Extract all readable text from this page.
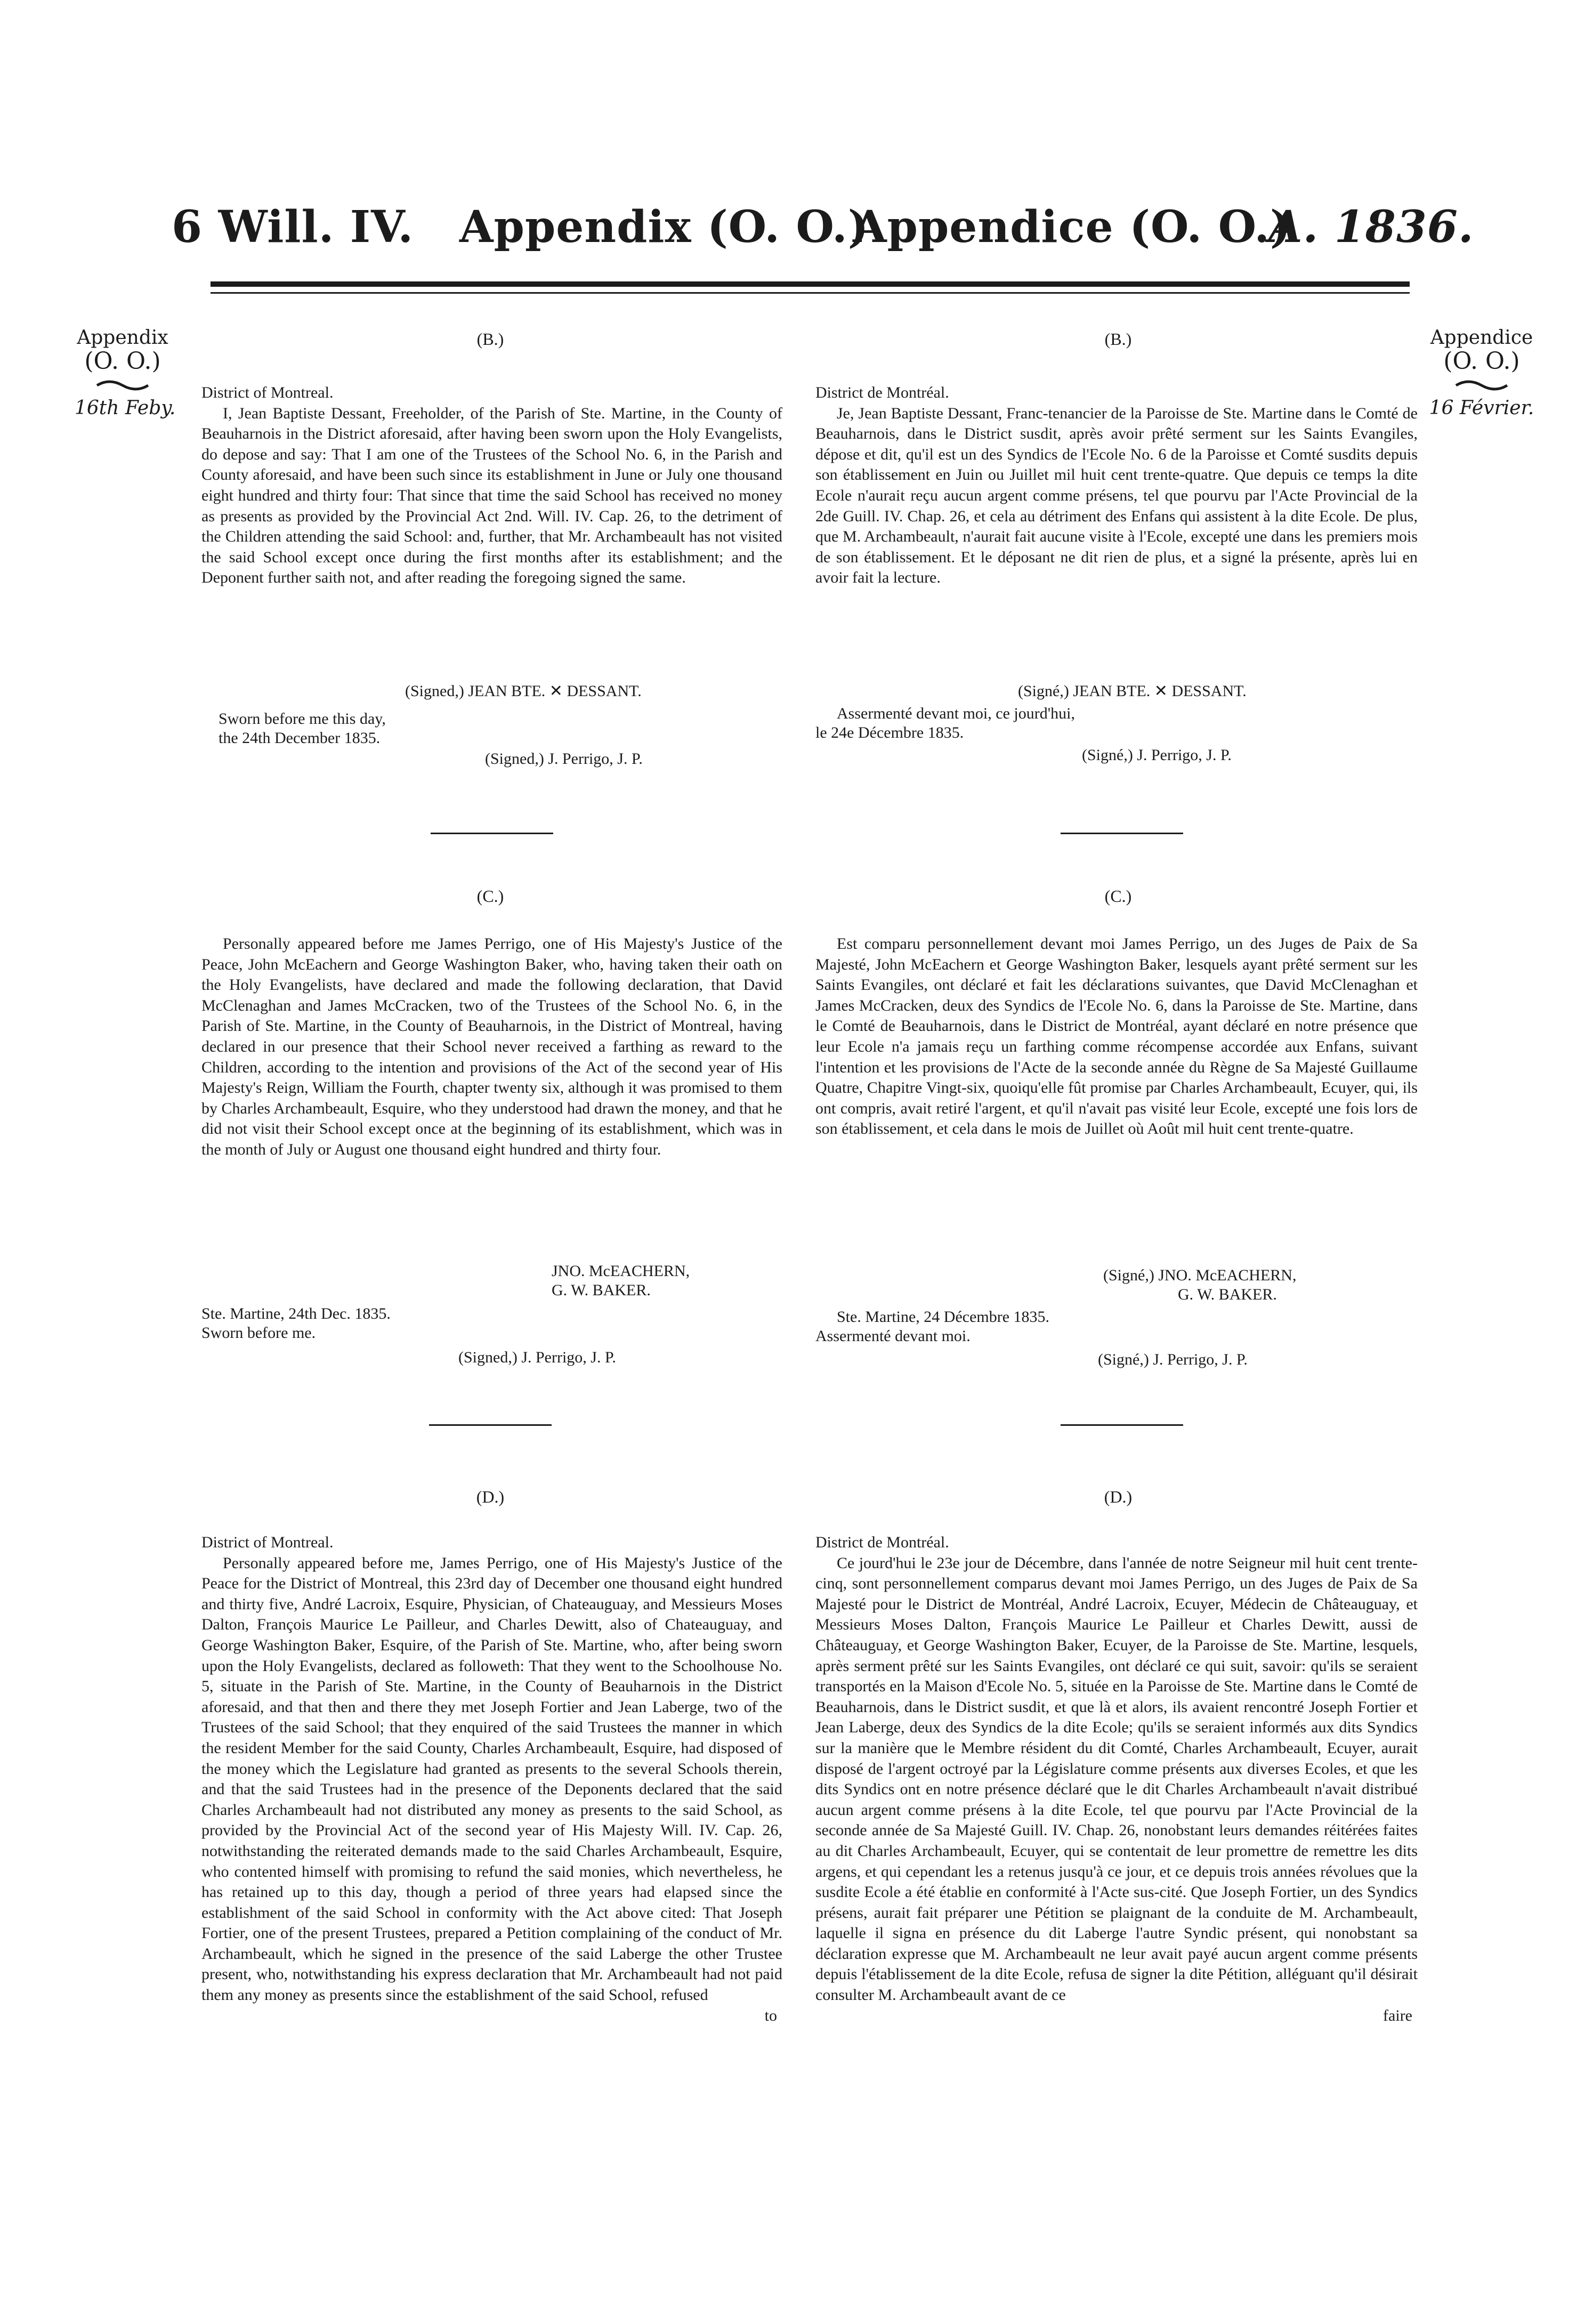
6 Will. IV. Appendix (O. O.)
Appendice (O. O.)
A. 1836.
Appendix
(O. O.)
16th Feby.
Appendice
(O. O.)
16 Février.
(B.)	(B.)
District of Montreal.

I, Jean Baptiste Dessant, Freeholder, of the Parish of Ste. Martine, in the County of Beauharnois in the District aforesaid, after having been sworn upon the Holy Evangelists, do depose and say: That I am one of the Trustees of the School No. 6, in the Parish and County aforesaid, and have been such since its establishment in June or July one thousand eight hundred and thirty four: That since that time the said School has received no money as presents as provided by the Provincial Act 2nd. Will. IV. Cap. 26, to the detriment of the Children attending the said School: and, further, that Mr. Archambeault has not visited the said School except once during the first months after its establishment; and the Deponent further saith not, and after reading the foregoing signed the same.

District de Montréal.

Je, Jean Baptiste Dessant, Franc-tenancier de la Paroisse de Ste. Martine dans le Comté de Beauharnois, dans le District susdit, après avoir prêté serment sur les Saints Evangiles, dépose et dit, qu'il est un des Syndics de l'Ecole No. 6 de la Paroisse et Comté susdits depuis son établissement en Juin ou Juillet mil huit cent trente-quatre. Que depuis ce temps la dite Ecole n'aurait reçu aucun argent comme présens, tel que pourvu par l'Acte Provincial de la 2de Guill. IV. Chap. 26, et cela au détriment des Enfans qui assistent à la dite Ecole. De plus, que M. Archambeault, n'aurait fait aucune visite à l'Ecole, excepté une dans les premiers mois de son établissement. Et le déposant ne dit rien de plus, et a signé la présente, après lui en avoir fait la lecture.

(Signed,) JEAN BTE. ✕ DESSANT.
Sworn before me this day,
the 24th December 1835.
(Signed,) J. Perrigo, J. P.
(Signé,) JEAN BTE. ✕ DESSANT.
Assermenté devant moi, ce jourd'hui,
le 24e Décembre 1835.
(Signé,) J. Perrigo, J. P.
(C.)	(C.)

Personally appeared before me James Perrigo, one of His Majesty's Justice of the Peace, John McEachern and George Washington Baker, who, having taken their oath on the Holy Evangelists, have declared and made the following declaration, that David McClenaghan and James McCracken, two of the Trustees of the School No. 6, in the Parish of Ste. Martine, in the County of Beauharnois, in the District of Montreal, having declared in our presence that their School never received a farthing as reward to the Children, according to the intention and provisions of the Act of the second year of His Majesty's Reign, William the Fourth, chapter twenty six, although it was promised to them by Charles Archambeault, Esquire, who they understood had drawn the money, and that he did not visit their School except once at the beginning of its establishment, which was in the month of July or August one thousand eight hundred and thirty four.

Est comparu personnellement devant moi James Perrigo, un des Juges de Paix de Sa Majesté, John McEachern et George Washington Baker, lesquels ayant prêté serment sur les Saints Evangiles, ont déclaré et fait les déclarations suivantes, que David McClenaghan et James McCracken, deux des Syndics de l'Ecole No. 6, dans la Paroisse de Ste. Martine, dans le Comté de Beauharnois, dans le District de Montréal, ayant déclaré en notre présence que leur Ecole n'a jamais reçu un farthing comme récompense accordée aux Enfans, suivant l'intention et les provisions de l'Acte de la seconde année du Règne de Sa Majesté Guillaume Quatre, Chapitre Vingt-six, quoiqu'elle fût promise par Charles Archambeault, Ecuyer, qui, ils ont compris, avait retiré l'argent, et qu'il n'avait pas visité leur Ecole, excepté une fois lors de son établissement, et cela dans le mois de Juillet où Août mil huit cent trente-quatre.

JNO. McEACHERN,
G. W. BAKER.
Ste. Martine, 24th Dec. 1835.
Sworn before me.
(Signed,) J. Perrigo, J. P.
(Signé,) JNO. McEACHERN,
G. W. BAKER.
Ste. Martine, 24 Décembre 1835.
Assermenté devant moi.
(Signé,) J. Perrigo, J. P.
(D.)	(D.)
District of Montreal.

Personally appeared before me, James Perrigo, one of His Majesty's Justice of the Peace for the District of Montreal, this 23rd day of December one thousand eight hundred and thirty five, André Lacroix, Esquire, Physician, of Chateauguay, and Messieurs Moses Dalton, François Maurice Le Pailleur, and Charles Dewitt, also of Chateauguay, and George Washington Baker, Esquire, of the Parish of Ste. Martine, who, after being sworn upon the Holy Evangelists, declared as followeth: That they went to the Schoolhouse No. 5, situate in the Parish of Ste. Martine, in the County of Beauharnois in the District aforesaid, and that then and there they met Joseph Fortier and Jean Laberge, two of the Trustees of the said School; that they enquired of the said Trustees the manner in which the resident Member for the said County, Charles Archambeault, Esquire, had disposed of the money which the Legislature had granted as presents to the several Schools therein, and that the said Trustees had in the presence of the Deponents declared that the said Charles Archambeault had not distributed any money as presents to the said School, as provided by the Provincial Act of the second year of His Majesty Will. IV. Cap. 26, notwithstanding the reiterated demands made to the said Charles Archambeault, Esquire, who contented himself with promising to refund the said monies, which nevertheless, he has retained up to this day, though a period of three years had elapsed since the establishment of the said School in conformity with the Act above cited: That Joseph Fortier, one of the present Trustees, prepared a Petition complaining of the conduct of Mr. Archambeault, which he signed in the presence of the said Laberge the other Trustee present, who, notwithstanding his express declaration that Mr. Archambeault had not paid them any money as presents since the establishment of the said School, refused

to
District de Montréal.

Ce jourd'hui le 23e jour de Décembre, dans l'année de notre Seigneur mil huit cent trente-cinq, sont personnellement comparus devant moi James Perrigo, un des Juges de Paix de Sa Majesté pour le District de Montréal, André Lacroix, Ecuyer, Médecin de Châteauguay, et Messieurs Moses Dalton, François Maurice Le Pailleur et Charles Dewitt, aussi de Châteauguay, et George Washington Baker, Ecuyer, de la Paroisse de Ste. Martine, lesquels, après serment prêté sur les Saints Evangiles, ont déclaré ce qui suit, savoir: qu'ils se seraient transportés en la Maison d'Ecole No. 5, située en la Paroisse de Ste. Martine dans le Comté de Beauharnois, dans le District susdit, et que là et alors, ils avaient rencontré Joseph Fortier et Jean Laberge, deux des Syndics de la dite Ecole; qu'ils se seraient informés aux dits Syndics sur la manière que le Membre résident du dit Comté, Charles Archambeault, Ecuyer, aurait disposé de l'argent octroyé par la Législature comme présents aux diverses Ecoles, et que les dits Syndics ont en notre présence déclaré que le dit Charles Archambeault n'avait distribué aucun argent comme présens à la dite Ecole, tel que pourvu par l'Acte Provincial de la seconde année de Sa Majesté Guill. IV. Chap. 26, nonobstant leurs demandes réitérées faites au dit Charles Archambeault, Ecuyer, qui se contentait de leur promettre de remettre les dits argens, et qui cependant les a retenus jusqu'à ce jour, et ce depuis trois années révolues que la susdite Ecole a été établie en conformité à l'Acte sus-cité. Que Joseph Fortier, un des Syndics présens, aurait fait préparer une Pétition se plaignant de la conduite de M. Archambeault, laquelle il signa en présence du dit Laberge l'autre Syndic présent, qui nonobstant sa déclaration expresse que M. Archambeault ne leur avait payé aucun argent comme présents depuis l'établissement de la dite Ecole, refusa de signer la dite Pétition, alléguant qu'il désirait consulter M. Archambeault avant de ce

faire
